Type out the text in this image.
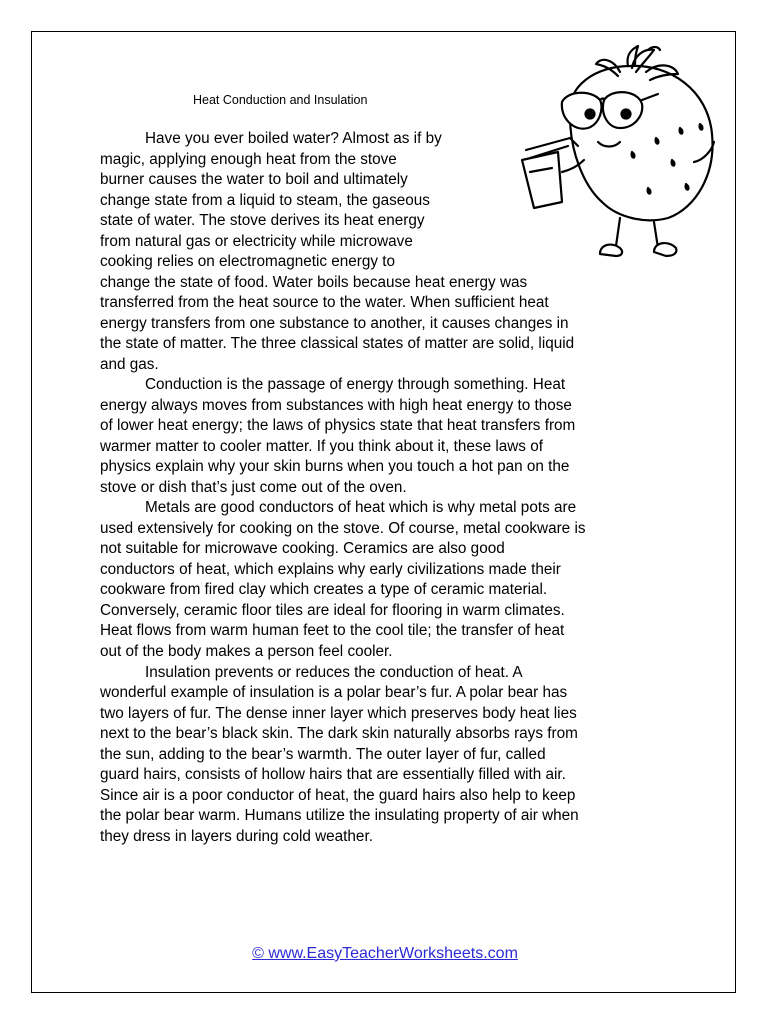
Heat Conduction and Insulation
Have you ever boiled water? Almost as if by
magic, applying enough heat from the stove
burner causes the water to boil and ultimately
change state from a liquid to steam, the gaseous
state of water. The stove derives its heat energy
from natural gas or electricity while microwave
cooking relies on electromagnetic energy to
change the state of food. Water boils because heat energy was
transferred from the heat source to the water. When sufficient heat
energy transfers from one substance to another, it causes changes in
the state of matter. The three classical states of matter are solid, liquid
and gas.
Conduction is the passage of energy through something. Heat
energy always moves from substances with high heat energy to those
of lower heat energy; the laws of physics state that heat transfers from
warmer matter to cooler matter. If you think about it, these laws of
physics explain why your skin burns when you touch a hot pan on the
stove or dish that’s just come out of the oven.
Metals are good conductors of heat which is why metal pots are
used extensively for cooking on the stove. Of course, metal cookware is
not suitable for microwave cooking. Ceramics are also good
conductors of heat, which explains why early civilizations made their
cookware from fired clay which creates a type of ceramic material.
Conversely, ceramic floor tiles are ideal for flooring in warm climates.
Heat flows from warm human feet to the cool tile; the transfer of heat
out of the body makes a person feel cooler.
Insulation prevents or reduces the conduction of heat. A
wonderful example of insulation is a polar bear’s fur. A polar bear has
two layers of fur. The dense inner layer which preserves body heat lies
next to the bear’s black skin. The dark skin naturally absorbs rays from
the sun, adding to the bear’s warmth. The outer layer of fur, called
guard hairs, consists of hollow hairs that are essentially filled with air.
Since air is a poor conductor of heat, the guard hairs also help to keep
the polar bear warm. Humans utilize the insulating property of air when
they dress in layers during cold weather.
© www.EasyTeacherWorksheets.com
